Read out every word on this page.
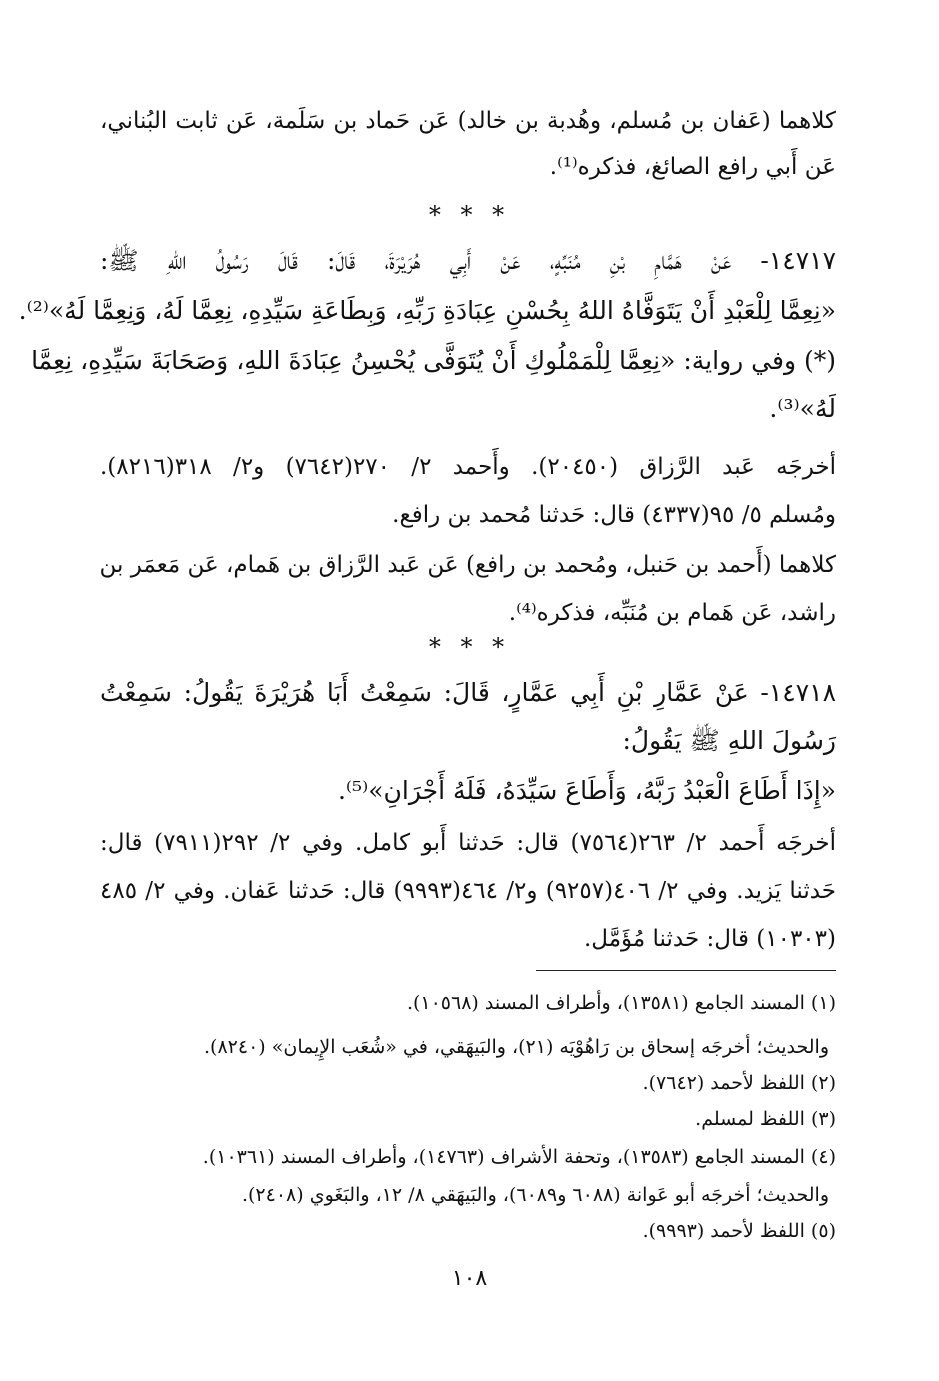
كلاهما (عَفان بن مُسلم، وهُدبة بن خالد) عَن حَماد بن سَلَمة، عَن ثابت البُناني،
عَن أَبي رافع الصائغ، فذكره⁽¹⁾.
* * *
١٤٧١٧- عَنْ هَمَّامِ بْنِ مُنَبِّهٍ، عَنْ أَبِي هُرَيْرَةَ، قَالَ: قَالَ رَسُولُ اللهِ ﷺ:
«نِعِمَّا لِلْعَبْدِ أَنْ يَتَوَفَّاهُ اللهُ بِحُسْنِ عِبَادَةِ رَبِّهِ، وَبِطَاعَةِ سَيِّدِهِ، نِعِمَّا لَهُ، وَنِعِمَّا لَهُ»⁽²⁾.
(*) وفي رواية: «نِعِمَّا لِلْمَمْلُوكِ أَنْ يُتَوَفَّى يُحْسِنُ عِبَادَةَ اللهِ، وَصَحَابَةَ سَيِّدِهِ، نِعِمَّا
لَهُ»⁽³⁾.
أخرجَه عَبد الرَّزاق (٢٠٤٥٠). وأَحمد ٢/ ٢٧٠(٧٦٤٢) و٢/ ٣١٨(٨٢١٦).
ومُسلم ٥/ ٩٥(٤٣٣٧) قال: حَدثنا مُحمد بن رافع.
كلاهما (أَحمد بن حَنبل، ومُحمد بن رافع) عَن عَبد الرَّزاق بن هَمام، عَن مَعمَر بن
راشد، عَن هَمام بن مُنَبِّه، فذكره⁽⁴⁾.
* * *
١٤٧١٨- عَنْ عَمَّارِ بْنِ أَبِي عَمَّارٍ، قَالَ: سَمِعْتُ أَبَا هُرَيْرَةَ يَقُولُ: سَمِعْتُ
رَسُولَ اللهِ ﷺ يَقُولُ:
«إِذَا أَطَاعَ الْعَبْدُ رَبَّهُ، وَأَطَاعَ سَيِّدَهُ، فَلَهُ أَجْرَانِ»⁽⁵⁾.
أخرجَه أَحمد ٢/ ٢٦٣(٧٥٦٤) قال: حَدثنا أَبو كامل. وفي ٢/ ٢٩٢(٧٩١١) قال:
حَدثنا يَزيد. وفي ٢/ ٤٠٦(٩٢٥٧) و٢/ ٤٦٤(٩٩٩٣) قال: حَدثنا عَفان. وفي ٢/ ٤٨٥
(١٠٣٠٣) قال: حَدثنا مُؤَمَّل.
(١) المسند الجامع (١٣٥٨١)، وأطراف المسند (١٠٥٦٨).
والحديث؛ أخرجَه إسحاق بن رَاهُوْيَه (٢١)، والبَيهَقي، في «شُعَب الإِيمان» (٨٢٤٠).
(٢) اللفظ لأحمد (٧٦٤٢).
(٣) اللفظ لمسلم.
(٤) المسند الجامع (١٣٥٨٣)، وتحفة الأشراف (١٤٧٦٣)، وأطراف المسند (١٠٣٦١).
والحديث؛ أخرجَه أبو عَوانة (٦٠٨٨ و٦٠٨٩)، والبَيهَقي ٨/ ١٢، والبَغَوي (٢٤٠٨).
(٥) اللفظ لأحمد (٩٩٩٣).
١٠٨
